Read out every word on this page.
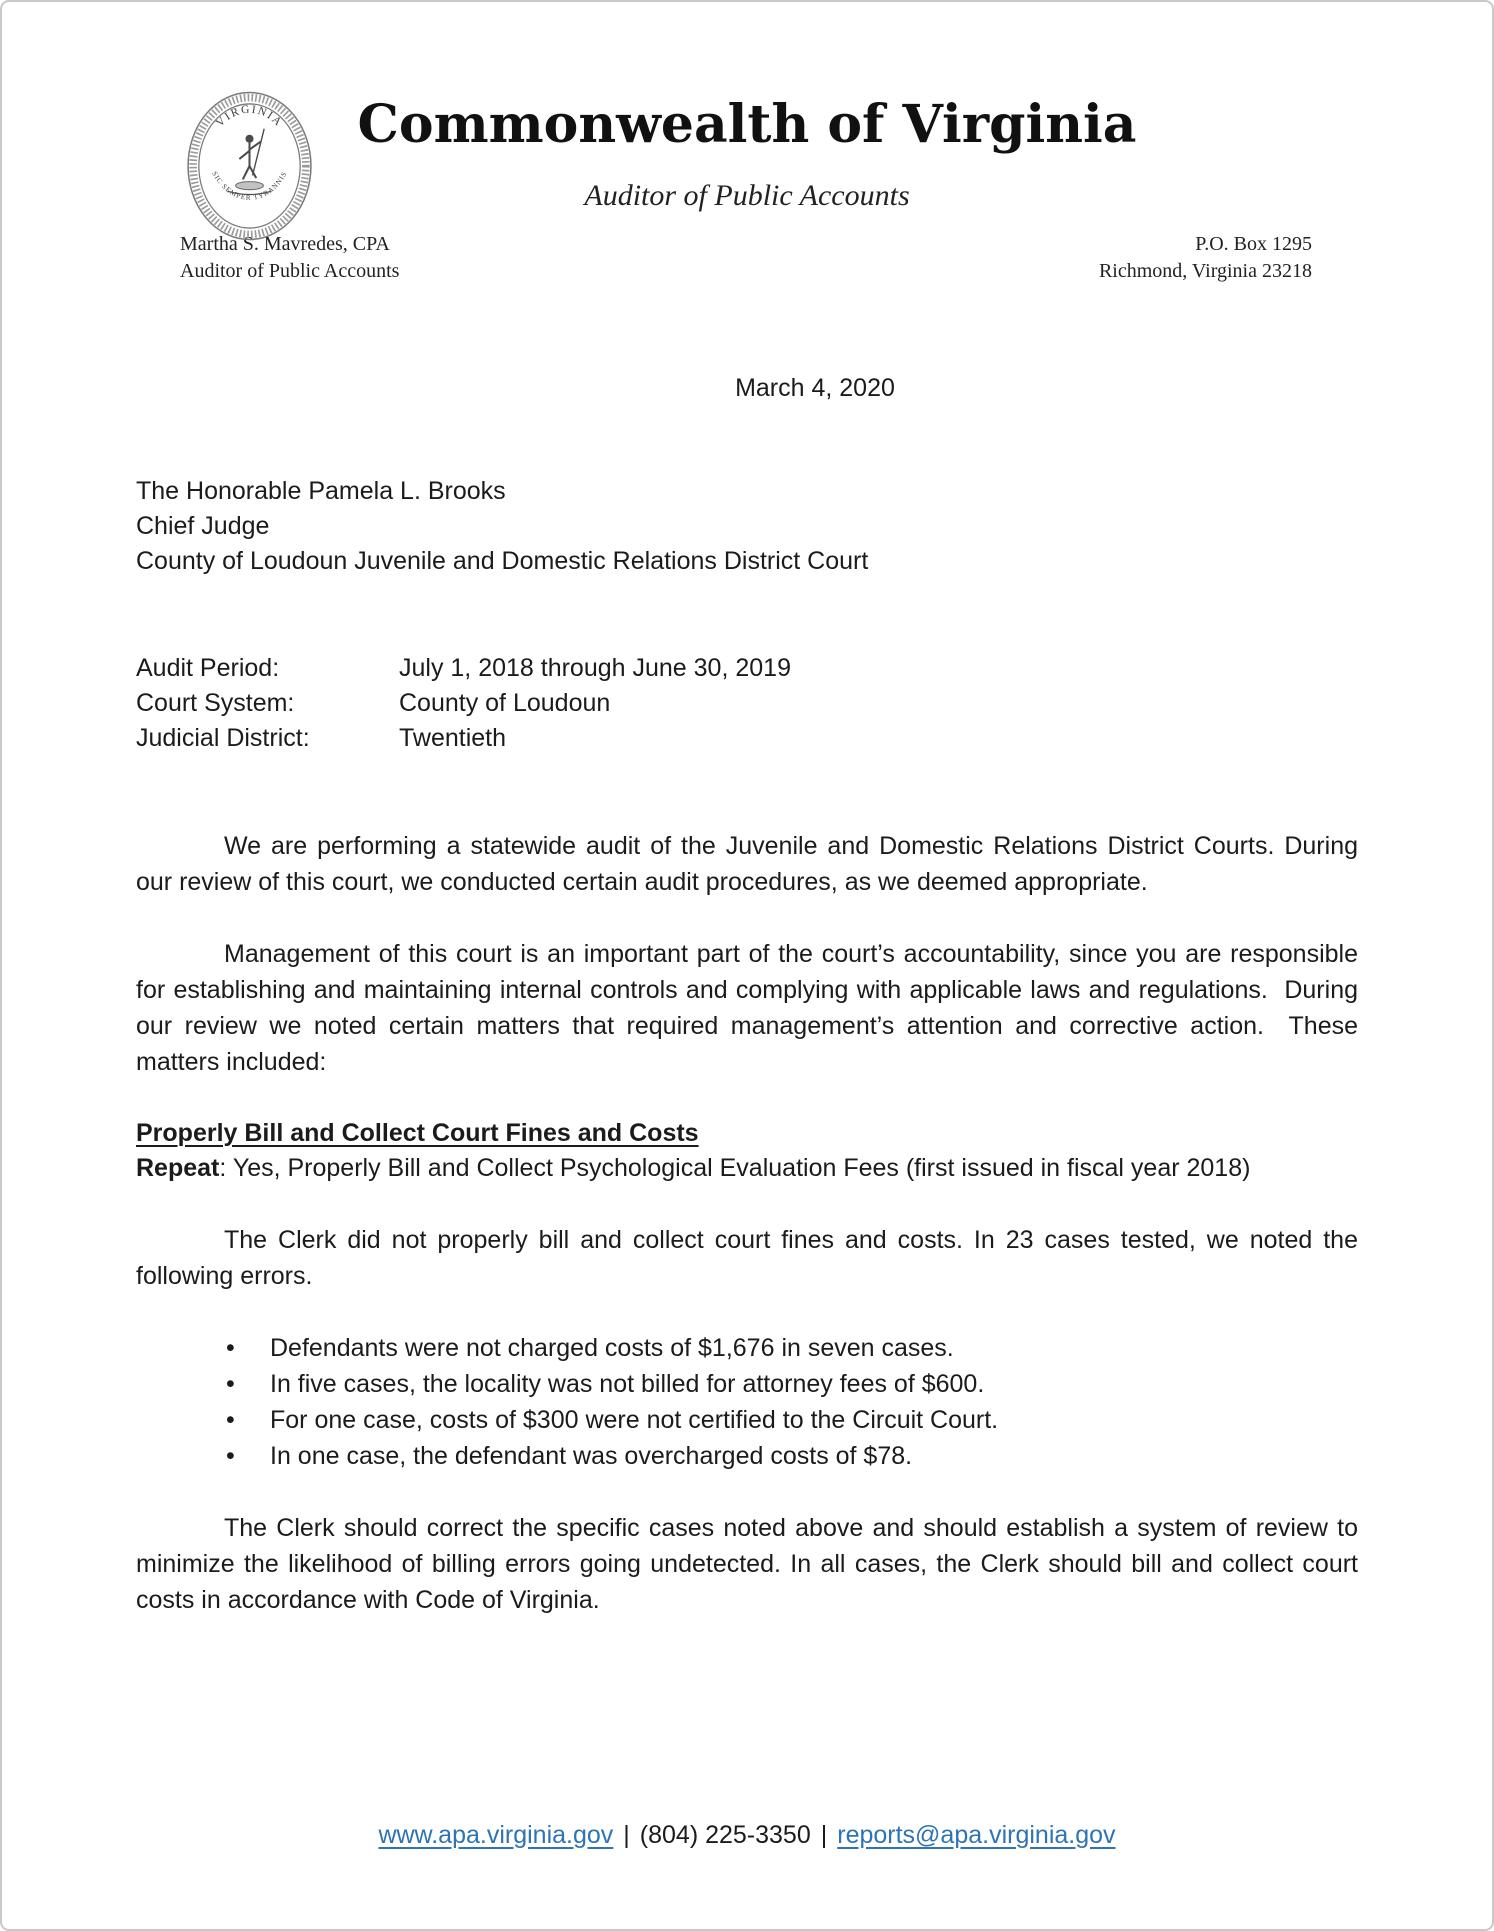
VIRGINIA
SIC SEMPER TYRANNIS
Commonwealth of Virginia
Auditor of Public Accounts
Martha S. Mavredes, CPA
Auditor of Public Accounts
P.O. Box 1295
Richmond, Virginia 23218
March 4, 2020
The Honorable Pamela L. Brooks
Chief Judge
County of Loudoun Juvenile and Domestic Relations District Court
Audit Period:	July 1, 2018 through June 30, 2019
Court System:	County of Loudoun
Judicial District:	Twentieth

We are performing a statewide audit of the Juvenile and Domestic Relations District Courts. During our review of this court, we conducted certain audit procedures, as we deemed appropriate.

Management of this court is an important part of the court’s accountability, since you are responsible for establishing and maintaining internal controls and complying with applicable laws and regulations.  During our review we noted certain matters that required management’s attention and corrective action.  These matters included:

Properly Bill and Collect Court Fines and Costs
Repeat: Yes, Properly Bill and Collect Psychological Evaluation Fees (first issued in fiscal year 2018)

The Clerk did not properly bill and collect court fines and costs. In 23 cases tested, we noted the following errors.

• Defendants were not charged costs of $1,676 in seven cases.
• In five cases, the locality was not billed for attorney fees of $600.
• For one case, costs of $300 were not certified to the Circuit Court.
• In one case, the defendant was overcharged costs of $78.

The Clerk should correct the specific cases noted above and should establish a system of review to minimize the likelihood of billing errors going undetected. In all cases, the Clerk should bill and collect court costs in accordance with Code of Virginia.

www.apa.virginia.gov | (804) 225-3350 | reports@apa.virginia.gov
